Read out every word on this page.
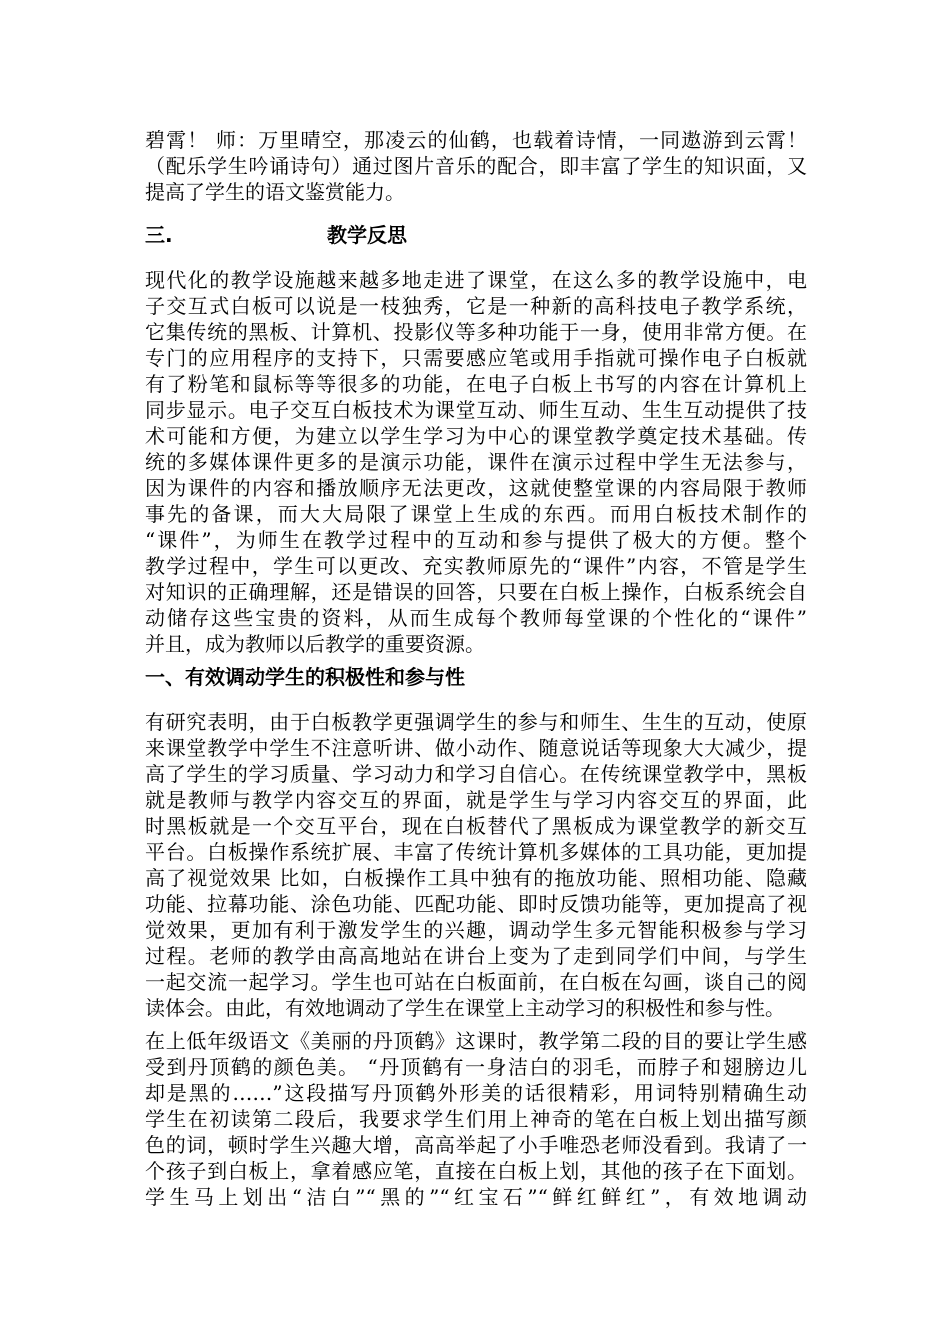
碧霄！ 师：万里晴空，那凌云的仙鹤，也载着诗情，一同遨游到云霄！
（配乐学生吟诵诗句）通过图片音乐的配合，即丰富了学生的知识面，又
提高了学生的语文鉴赏能力。
三.	教学反思
现代化的教学设施越来越多地走进了课堂，在这么多的教学设施中，电
子交互式白板可以说是一枝独秀，它是一种新的高科技电子教学系统，
它集传统的黑板、计算机、投影仪等多种功能于一身，使用非常方便。在
专门的应用程序的支持下，只需要感应笔或用手指就可操作电子白板就
有了粉笔和鼠标等等很多的功能，在电子白板上书写的内容在计算机上
同步显示。电子交互白板技术为课堂互动、师生互动、生生互动提供了技
术可能和方便，为建立以学生学习为中心的课堂教学奠定技术基础。传
统的多媒体课件更多的是演示功能，课件在演示过程中学生无法参与，
因为课件的内容和播放顺序无法更改，这就使整堂课的内容局限于教师
事先的备课，而大大局限了课堂上生成的东西。而用白板技术制作的
“课件”，为师生在教学过程中的互动和参与提供了极大的方便。整个
教学过程中，学生可以更改、充实教师原先的“课件”内容，不管是学生
对知识的正确理解，还是错误的回答，只要在白板上操作，白板系统会自
动储存这些宝贵的资料，从而生成每个教师每堂课的个性化的“课件”
并且，成为教师以后教学的重要资源。
一、有效调动学生的积极性和参与性
有研究表明，由于白板教学更强调学生的参与和师生、生生的互动，使原
来课堂教学中学生不注意听讲、做小动作、随意说话等现象大大减少，提
高了学生的学习质量、学习动力和学习自信心。在传统课堂教学中，黑板
就是教师与教学内容交互的界面，就是学生与学习内容交互的界面，此
时黑板就是一个交互平台，现在白板替代了黑板成为课堂教学的新交互
平台。白板操作系统扩展、丰富了传统计算机多媒体的工具功能，更加提
高了视觉效果 比如，白板操作工具中独有的拖放功能、照相功能、隐藏
功能、拉幕功能、涂色功能、匹配功能、即时反馈功能等，更加提高了视
觉效果，更加有利于激发学生的兴趣，调动学生多元智能积极参与学习
过程。老师的教学由高高地站在讲台上变为了走到同学们中间，与学生
一起交流一起学习。学生也可站在白板面前，在白板在勾画，谈自己的阅
读体会。由此，有效地调动了学生在课堂上主动学习的积极性和参与性。
在上低年级语文《美丽的丹顶鹤》这课时，教学第二段的目的要让学生感
受到丹顶鹤的颜色美。 “丹顶鹤有一身洁白的羽毛，而脖子和翅膀边儿
却是黑的……”这段描写丹顶鹤外形美的话很精彩，用词特别精确生动
学生在初读第二段后，我要求学生们用上神奇的笔在白板上划出描写颜
色的词，顿时学生兴趣大增，高高举起了小手唯恐老师没看到。我请了一
个孩子到白板上，拿着感应笔，直接在白板上划，其他的孩子在下面划。
学生马上划出“洁白”“黑的”“红宝石”“鲜红鲜红”，有效地调动
